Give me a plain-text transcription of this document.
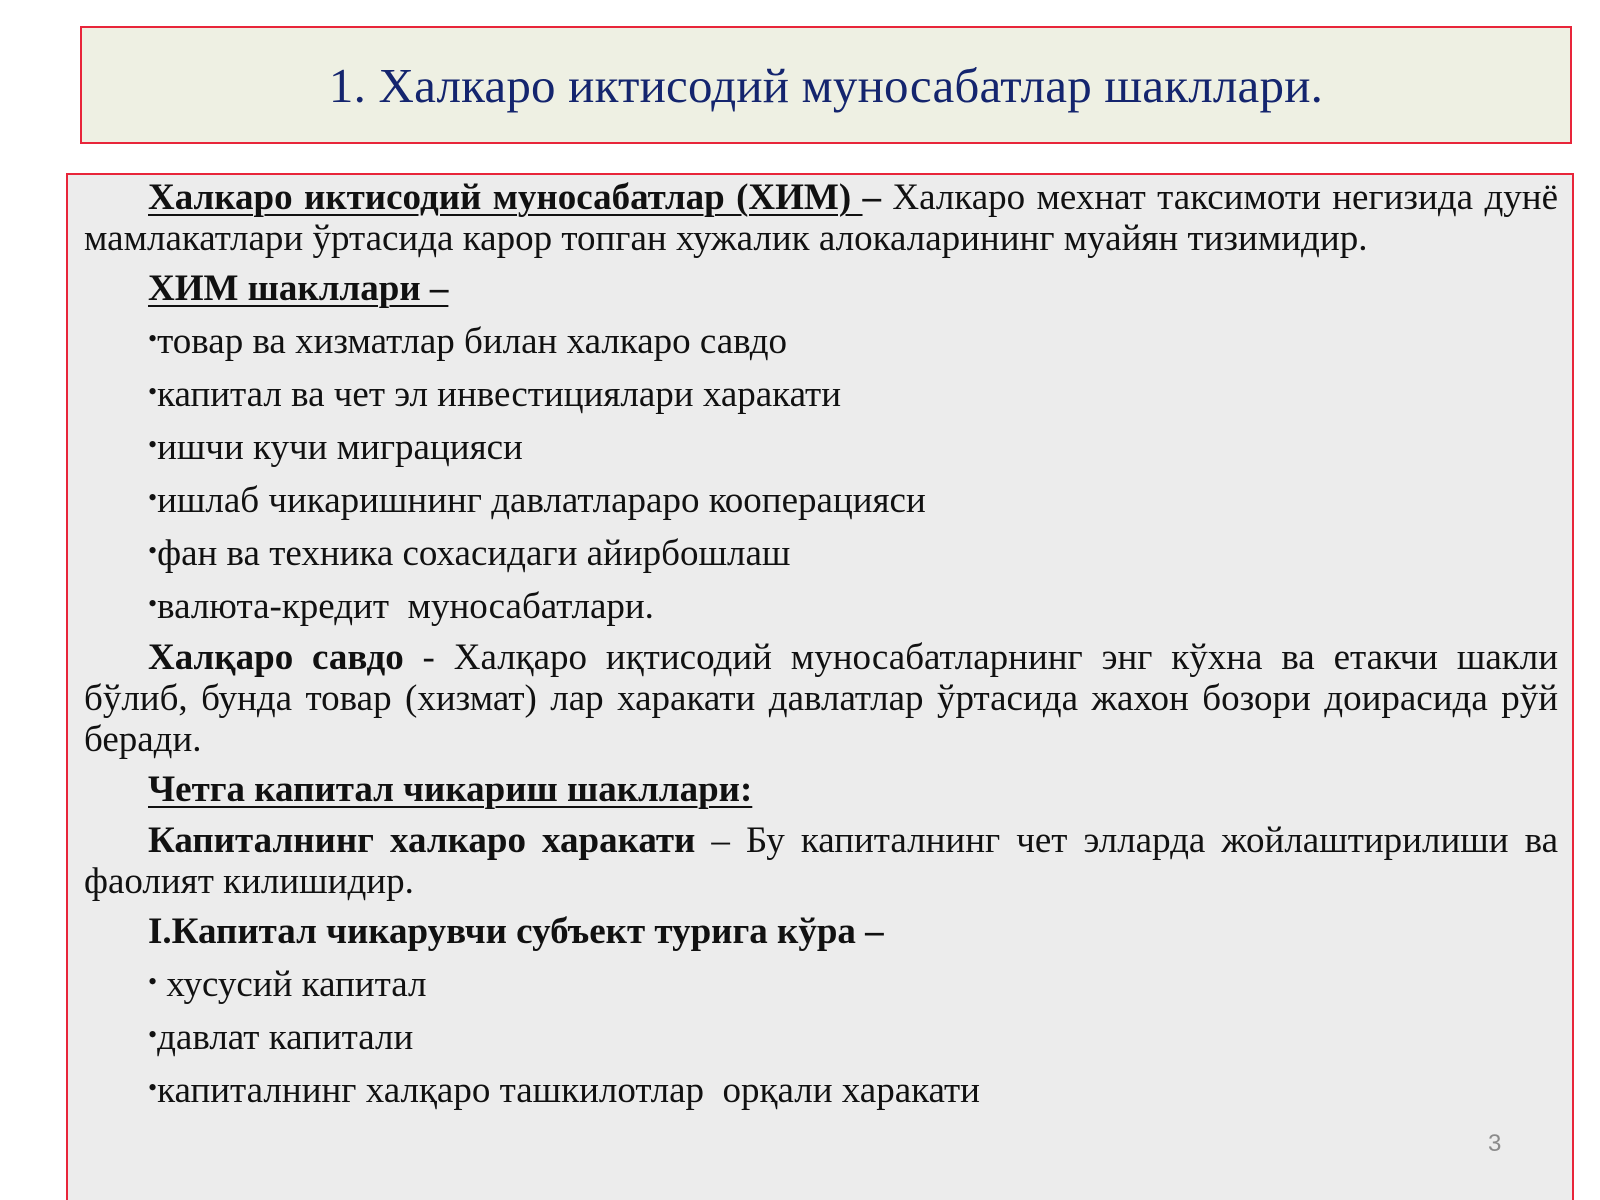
1. Халкаро иктисодий муносабатлар шакллари.

Халкаро иктисодий муносабатлар (ХИМ) – Халкаро мехнат таксимоти негизида дунё мамлакатлари ўртасида карор топган хужалик алокаларининг муайян тизимидир.

ХИМ шакллари –
•товар ва хизматлар билан халкаро савдо
•капитал ва чет эл инвестициялари харакати
•ишчи кучи миграцияси
•ишлаб чикаришнинг давлатлараро кооперацияси
•фан ва техника сохасидаги айирбошлаш
•валюта-кредит  муносабатлари.

Халқаро савдо - Халқаро иқтисодий муносабатларнинг энг кўхна ва етакчи шакли бўлиб, бунда товар (хизмат) лар харакати давлатлар ўртасида жахон бозори доирасида рўй беради.

Четга капитал чикариш шакллари:

Капиталнинг халкаро харакати – Бу капиталнинг чет элларда жойлаштирилиши ва фаолият килишидир.

I.Капитал чикарувчи субъект турига кўра –
• хусусий капитал
•давлат капитали
•капиталнинг халқаро ташкилотлар  орқали харакати
3
